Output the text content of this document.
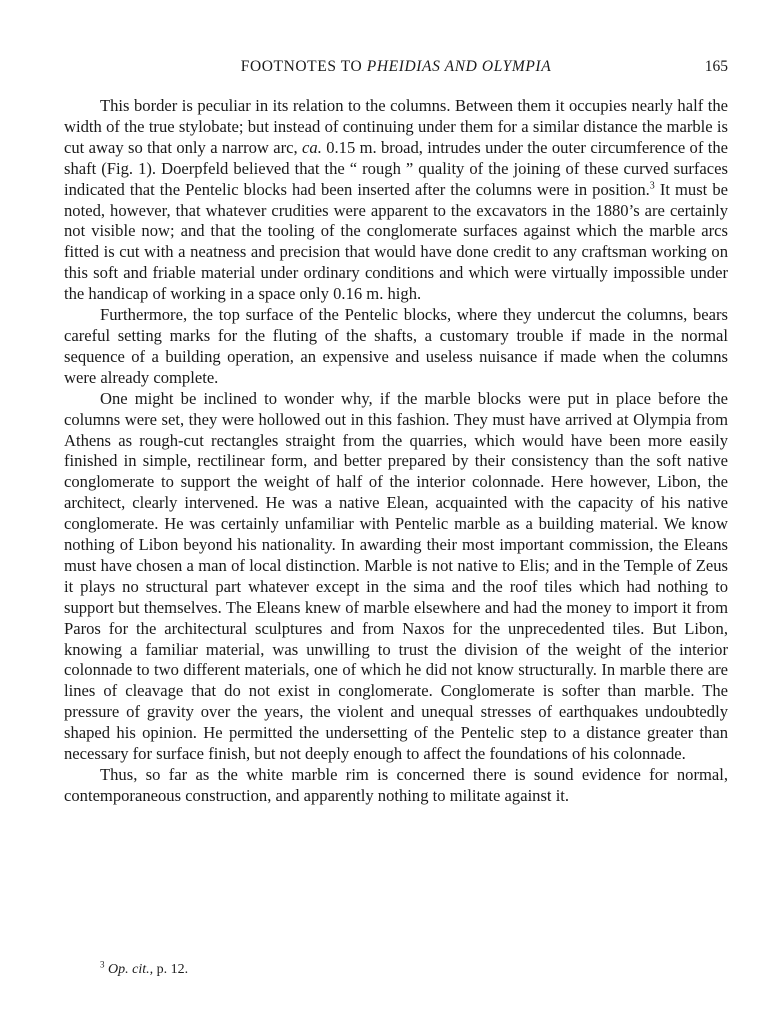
FOOTNOTES TO PHEIDIAS AND OLYMPIA	165

This border is peculiar in its relation to the columns. Between them it occupies nearly half the width of the true stylobate; but instead of continuing under them for a similar distance the marble is cut away so that only a narrow arc, ca. 0.15 m. broad, intrudes under the outer circumference of the shaft (Fig. 1). Doerpfeld believed that the “ rough ” quality of the joining of these curved surfaces indicated that the Pentelic blocks had been inserted after the columns were in position.$^3$ It must be noted, however, that whatever crudities were apparent to the excavators in the 1880’s are certainly not visible now; and that the tooling of the conglomerate surfaces against which the marble arcs fitted is cut with a neatness and precision that would have done credit to any craftsman working on this soft and friable material under ordinary conditions and which were virtually impossible under the handicap of working in a space only 0.16 m. high.

Furthermore, the top surface of the Pentelic blocks, where they undercut the columns, bears careful setting marks for the fluting of the shafts, a customary trouble if made in the normal sequence of a building operation, an expensive and useless nuisance if made when the columns were already complete.

One might be inclined to wonder why, if the marble blocks were put in place before the columns were set, they were hollowed out in this fashion. They must have arrived at Olympia from Athens as rough-cut rectangles straight from the quarries, which would have been more easily finished in simple, rectilinear form, and better prepared by their consistency than the soft native conglomerate to support the weight of half of the interior colonnade. Here however, Libon, the architect, clearly intervened. He was a native Elean, acquainted with the capacity of his native conglomerate. He was certainly unfamiliar with Pentelic marble as a building material. We know nothing of Libon beyond his nationality. In awarding their most important commission, the Eleans must have chosen a man of local distinction. Marble is not native to Elis; and in the Temple of Zeus it plays no structural part whatever except in the sima and the roof tiles which had nothing to support but themselves. The Eleans knew of marble elsewhere and had the money to import it from Paros for the architectural sculptures and from Naxos for the unprecedented tiles. But Libon, knowing a familiar material, was unwilling to trust the division of the weight of the interior colonnade to two different materials, one of which he did not know structurally. In marble there are lines of cleavage that do not exist in conglomerate. Conglomerate is softer than marble. The pressure of gravity over the years, the violent and unequal stresses of earthquakes undoubtedly shaped his opinion. He permitted the undersetting of the Pentelic step to a distance greater than necessary for surface finish, but not deeply enough to affect the foundations of his colonnade.

Thus, so far as the white marble rim is concerned there is sound evidence for normal, contemporaneous construction, and apparently nothing to militate against it.

$^3$ Op. cit., p. 12.
